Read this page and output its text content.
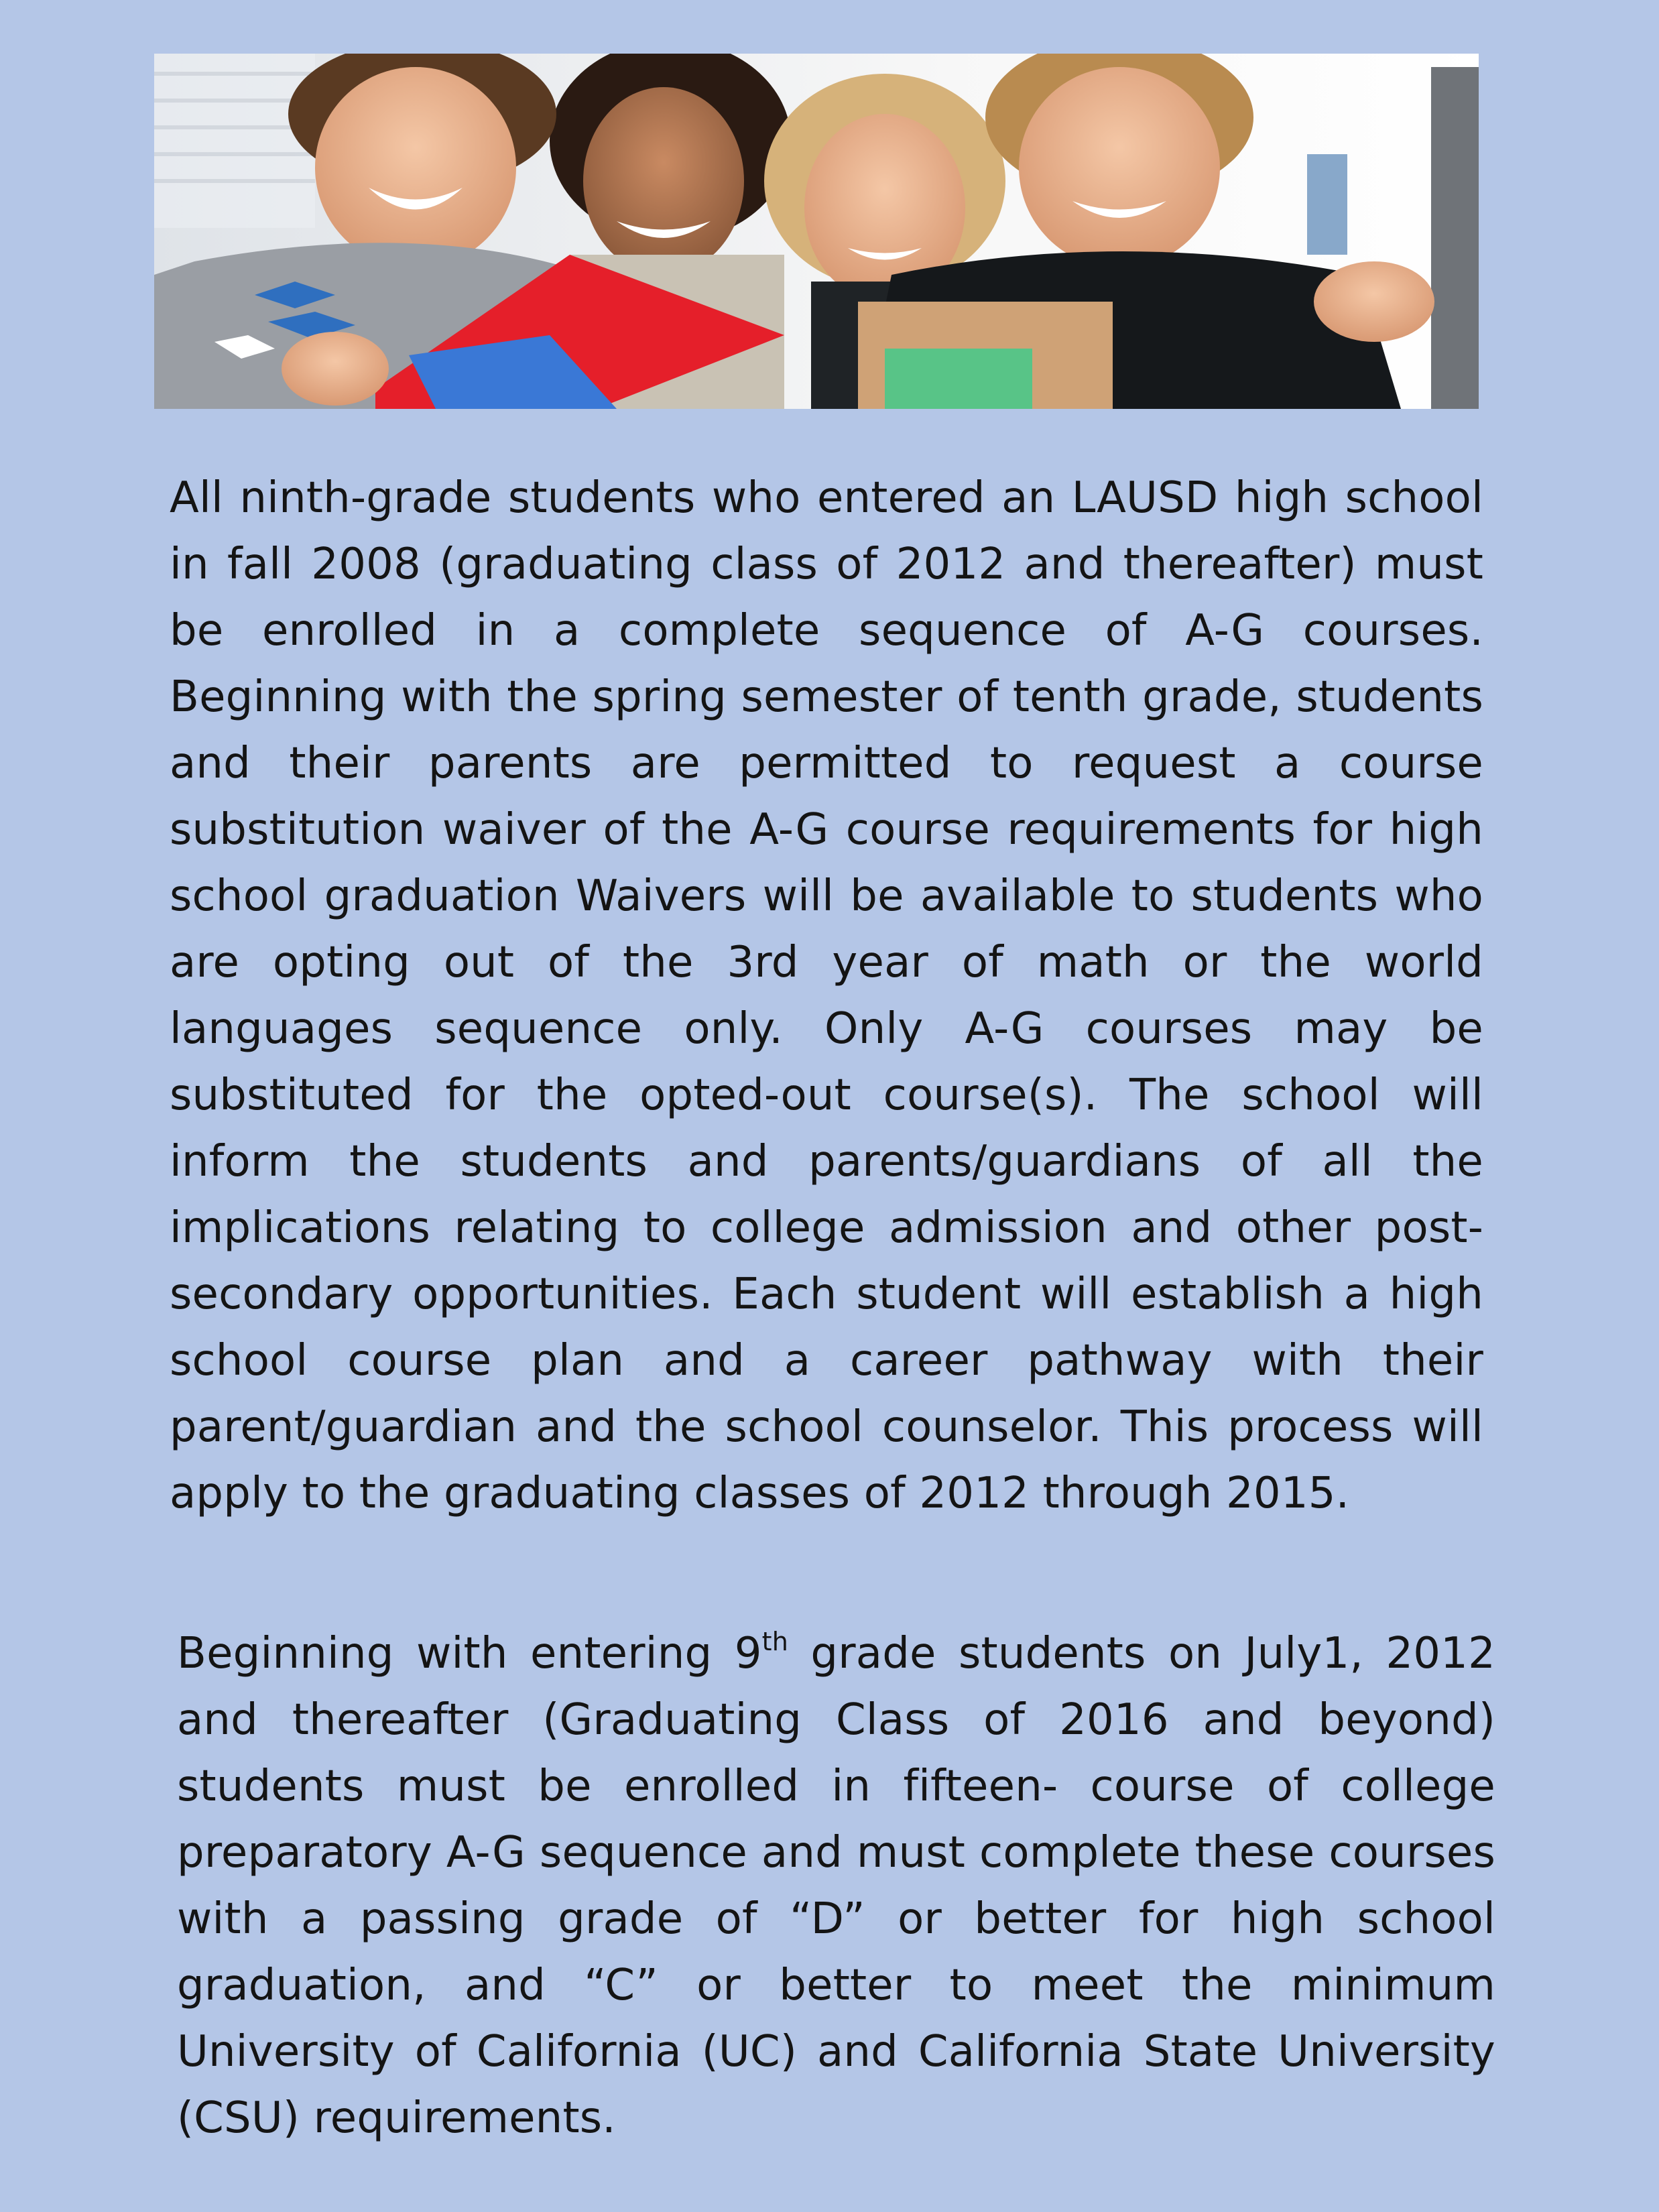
All ninth-grade students who entered an LAUSD high school in fall 2008 (graduating class of 2012 and thereafter) must be enrolled in a complete sequence of A-G courses. Beginning with the spring semester of tenth grade, students and their parents are permitted to request a course substitution waiver of the A-G course requirements for high school graduation Waivers will be available to students who are opting out of the 3rd year of math or the world languages sequence only. Only A-G courses may be substituted for the opted-out course(s). The school will inform the students and parents/guardians of all the implications relating to college admission and other post-secondary opportunities. Each student will establish a high school course plan and a career pathway with their parent/guardian and the school counselor. This process will apply to the graduating classes of 2012 through 2015.

Beginning with entering 9th grade students on July1, 2012 and thereafter (Graduating Class of 2016 and beyond) students must be enrolled in fifteen- course of college preparatory A-G sequence and must complete these courses with a passing grade of “D” or better for high school graduation, and “C” or better to meet the minimum University of California (UC) and California State University (CSU) requirements.
